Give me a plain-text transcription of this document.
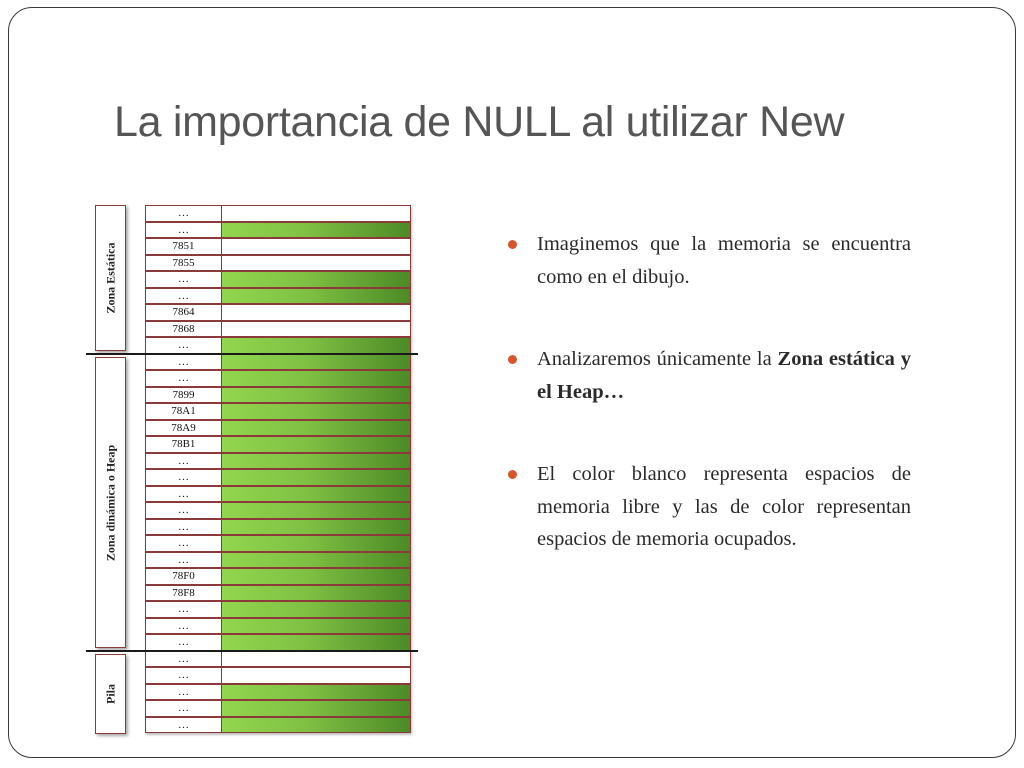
La importancia de NULL al utilizar New
Zona Estática
Zona dinámica o Heap
Pila
…
…
7851
7855
…
…
7864
7868
…
…
…
7899
78A1
78A9
78B1
…
…
…
…
…
…
…
78F0
78F8
…
…
…
…
…
…
…
…
Imaginemos que la memoria se encuentra como en el dibujo.
Analizaremos únicamente la Zona estática y el Heap…
El color blanco representa espacios de memoria libre y las de color representan espacios de memoria ocupados.
